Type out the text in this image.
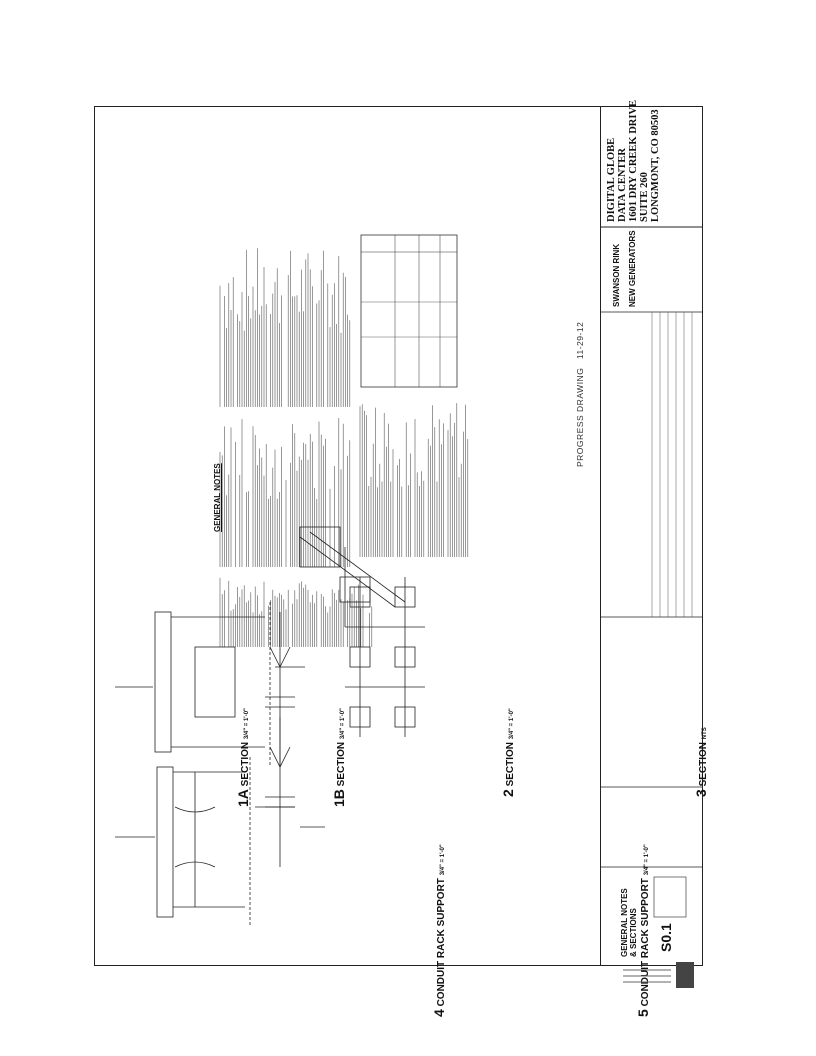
GENERAL NOTES
PROGRESS DRAWING   11-29-12
1A SECTION 3/4" = 1'-0"
1B SECTION 3/4" = 1'-0"
2 SECTION 3/4" = 1'-0"
3 SECTION NTS
4 CONDUIT RACK SUPPORT 3/4" = 1'-0"
5 CONDUIT RACK SUPPORT 3/4" = 1'-0"
DIGITAL GLOBE DATA CENTER 1601 DRY CREEK DRIVE SUITE 260 LONGMONT, CO 80503
SWANSON RINK NEW GENERATORS
GENERAL NOTES & SECTIONS S0.1
